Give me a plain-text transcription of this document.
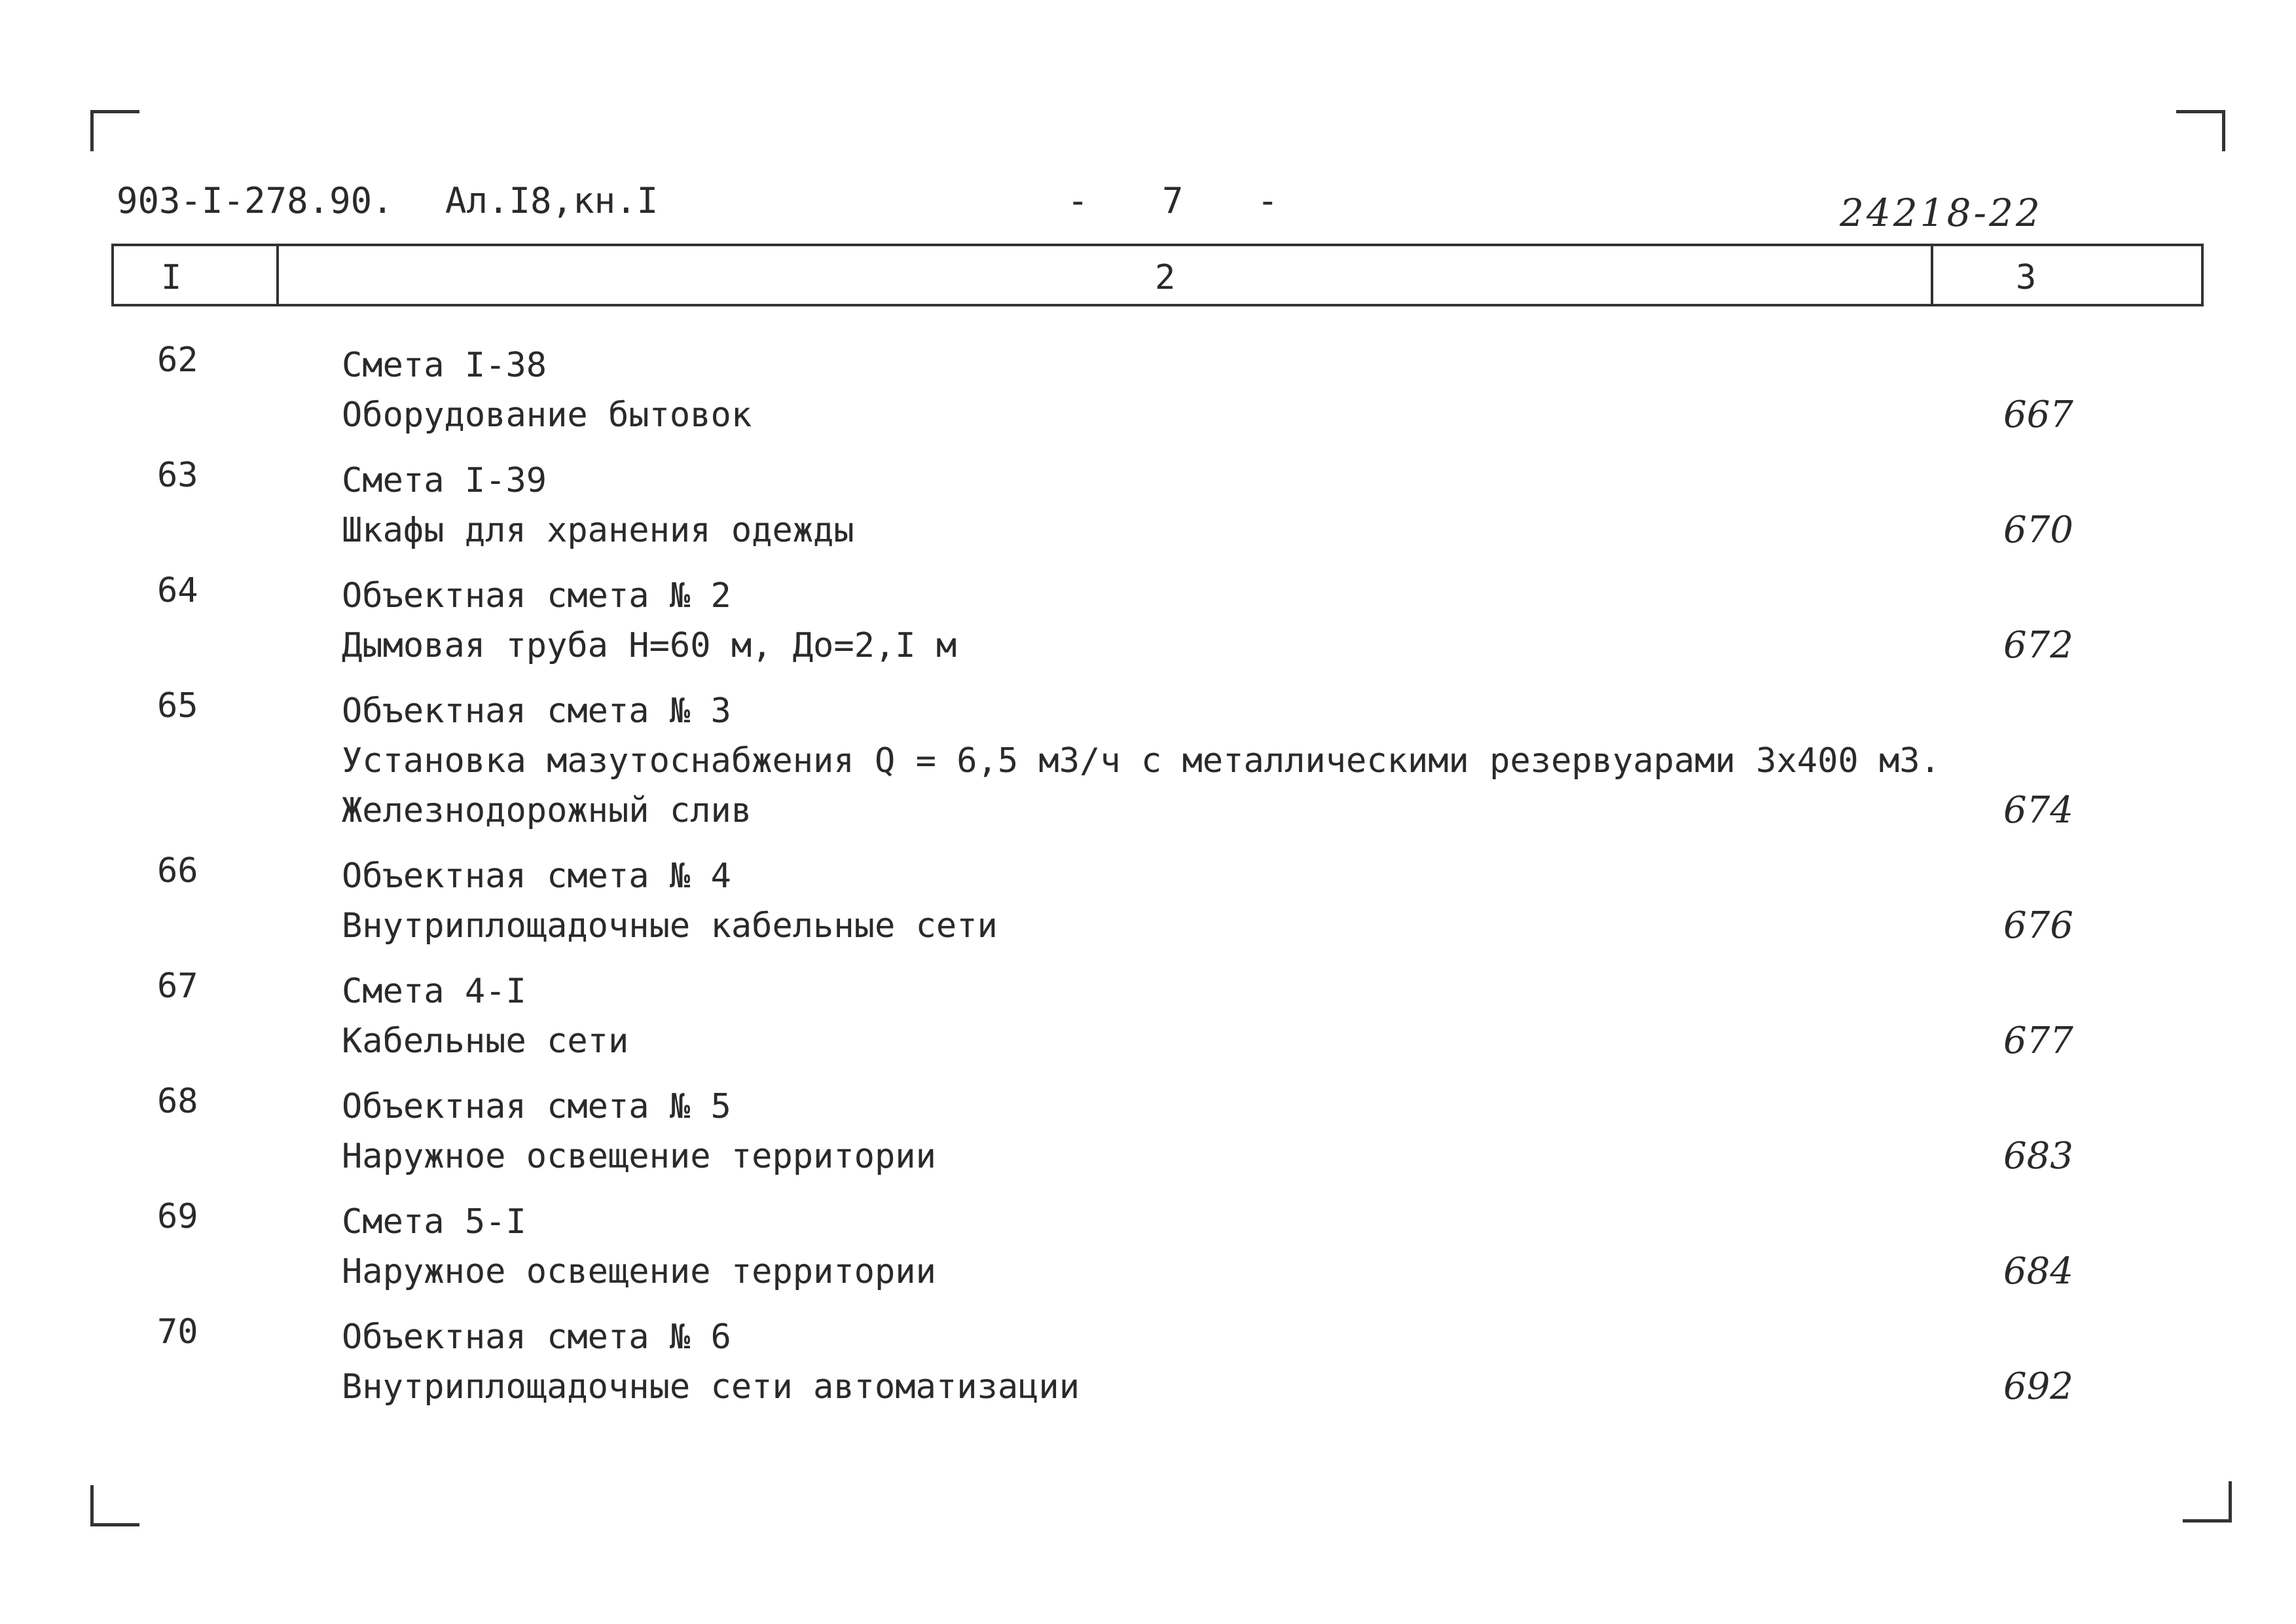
903-I-278.90. Ал.I8,кн.I	- 7 -	24218-22
I	2	3
62	Смета I-38
Оборудование бытовок	667
63	Смета I-39
Шкафы для хранения одежды	670
64	Объектная смета № 2
Дымовая труба Н=60 м, До=2,I м	672
65	Объектная смета № 3
Установка мазутоснабжения Q = 6,5 м3/ч с металлическими резервуарами 3х400 м3.
Железнодорожный слив	674
66	Объектная смета № 4
Внутриплощадочные кабельные сети	676
67	Смета 4-I
Кабельные сети	677
68	Объектная смета № 5
Наружное освещение территории	683
69	Смета 5-I
Наружное освещение территории	684
70	Объектная смета № 6
Внутриплощадочные сети автоматизации	692
